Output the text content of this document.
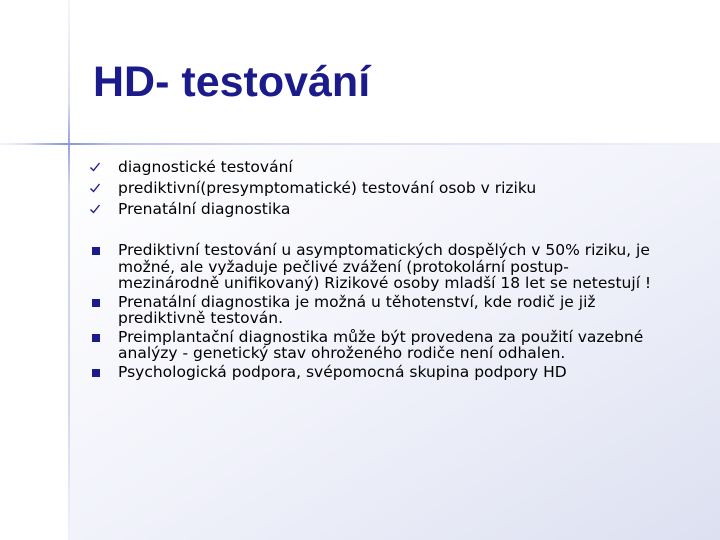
HD- testování
diagnostické testování
prediktivní(presymptomatické) testování osob v riziku
Prenatální diagnostika
Prediktivní testování u asymptomatických dospělých v 50% riziku, je možné, ale vyžaduje pečlivé zvážení (protokolární postup-mezinárodně unifikovaný) Rizikové osoby mladší 18 let se netestují !
Prenatální diagnostika je možná u těhotenství, kde rodič je již prediktivně testován.
Preimplantační diagnostika může být provedena za použití vazebné analýzy - genetický stav ohroženého rodiče není odhalen.
Psychologická podpora, svépomocná skupina podpory HD
